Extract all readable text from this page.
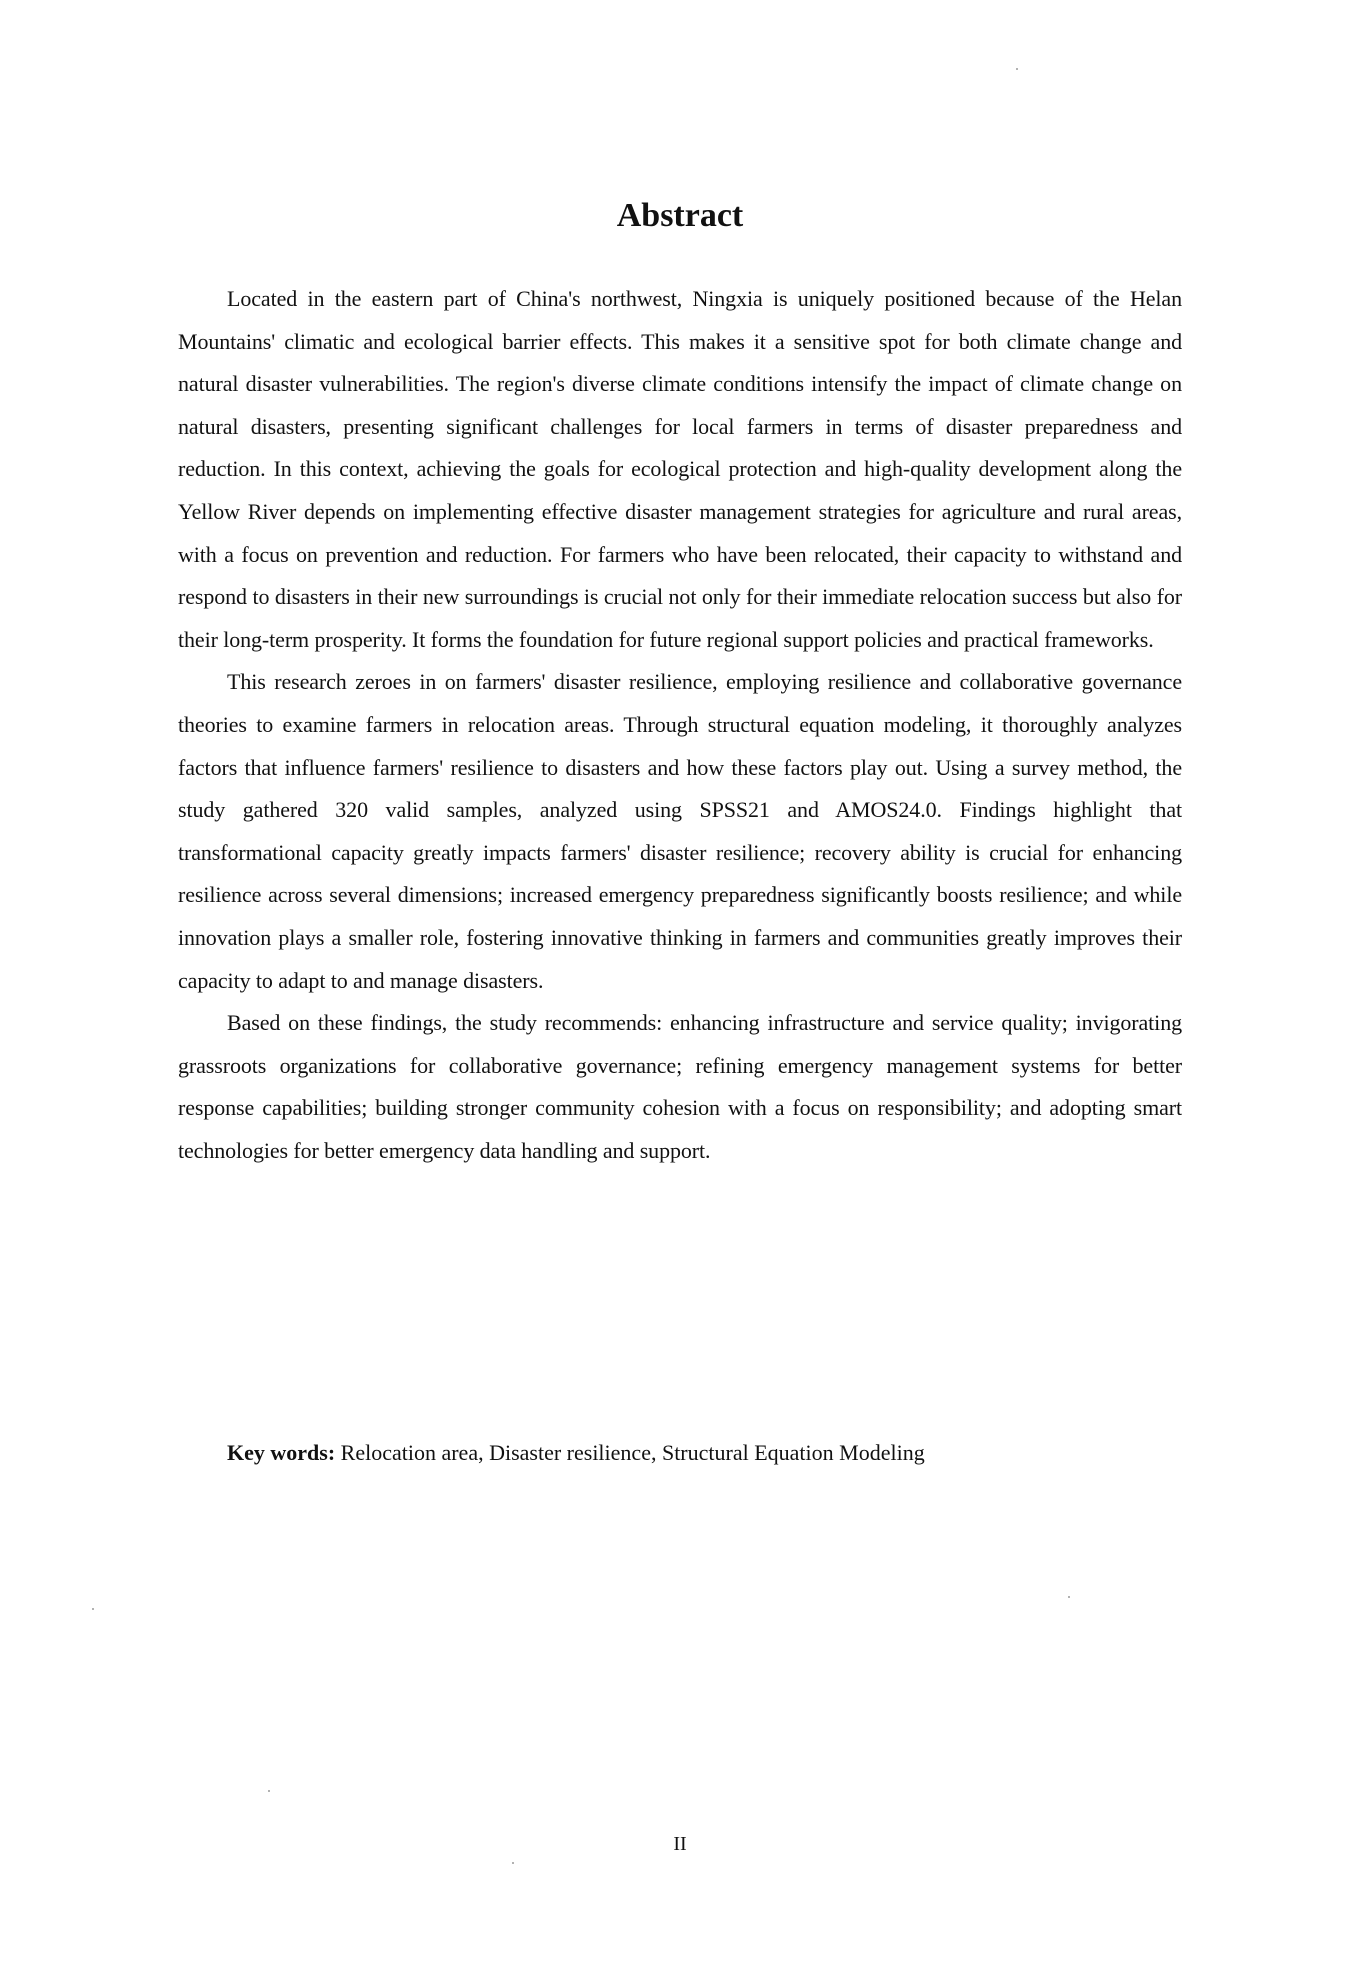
Abstract

Located in the eastern part of China's northwest, Ningxia is uniquely positioned because of the Helan Mountains' climatic and ecological barrier effects. This makes it a sensitive spot for both climate change and natural disaster vulnerabilities. The region's diverse climate conditions intensify the impact of climate change on natural disasters, presenting significant challenges for local farmers in terms of disaster preparedness and reduction. In this context, achieving the goals for ecological protection and high-quality development along the Yellow River depends on implementing effective disaster management strategies for agriculture and rural areas, with a focus on prevention and reduction. For farmers who have been relocated, their capacity to withstand and respond to disasters in their new surroundings is crucial not only for their immediate relocation success but also for their long-term prosperity. It forms the foundation for future regional support policies and practical frameworks.

This research zeroes in on farmers' disaster resilience, employing resilience and collaborative governance theories to examine farmers in relocation areas. Through structural equation modeling, it thoroughly analyzes factors that influence farmers' resilience to disasters and how these factors play out. Using a survey method, the study gathered 320 valid samples, analyzed using SPSS21 and AMOS24.0. Findings highlight that transformational capacity greatly impacts farmers' disaster resilience; recovery ability is crucial for enhancing resilience across several dimensions; increased emergency preparedness significantly boosts resilience; and while innovation plays a smaller role, fostering innovative thinking in farmers and communities greatly improves their capacity to adapt to and manage disasters.

Based on these findings, the study recommends: enhancing infrastructure and service quality; invigorating grassroots organizations for collaborative governance; refining emergency management systems for better response capabilities; building stronger community cohesion with a focus on responsibility; and adopting smart technologies for better emergency data handling and support.

Key words: Relocation area, Disaster resilience, Structural Equation Modeling

II
